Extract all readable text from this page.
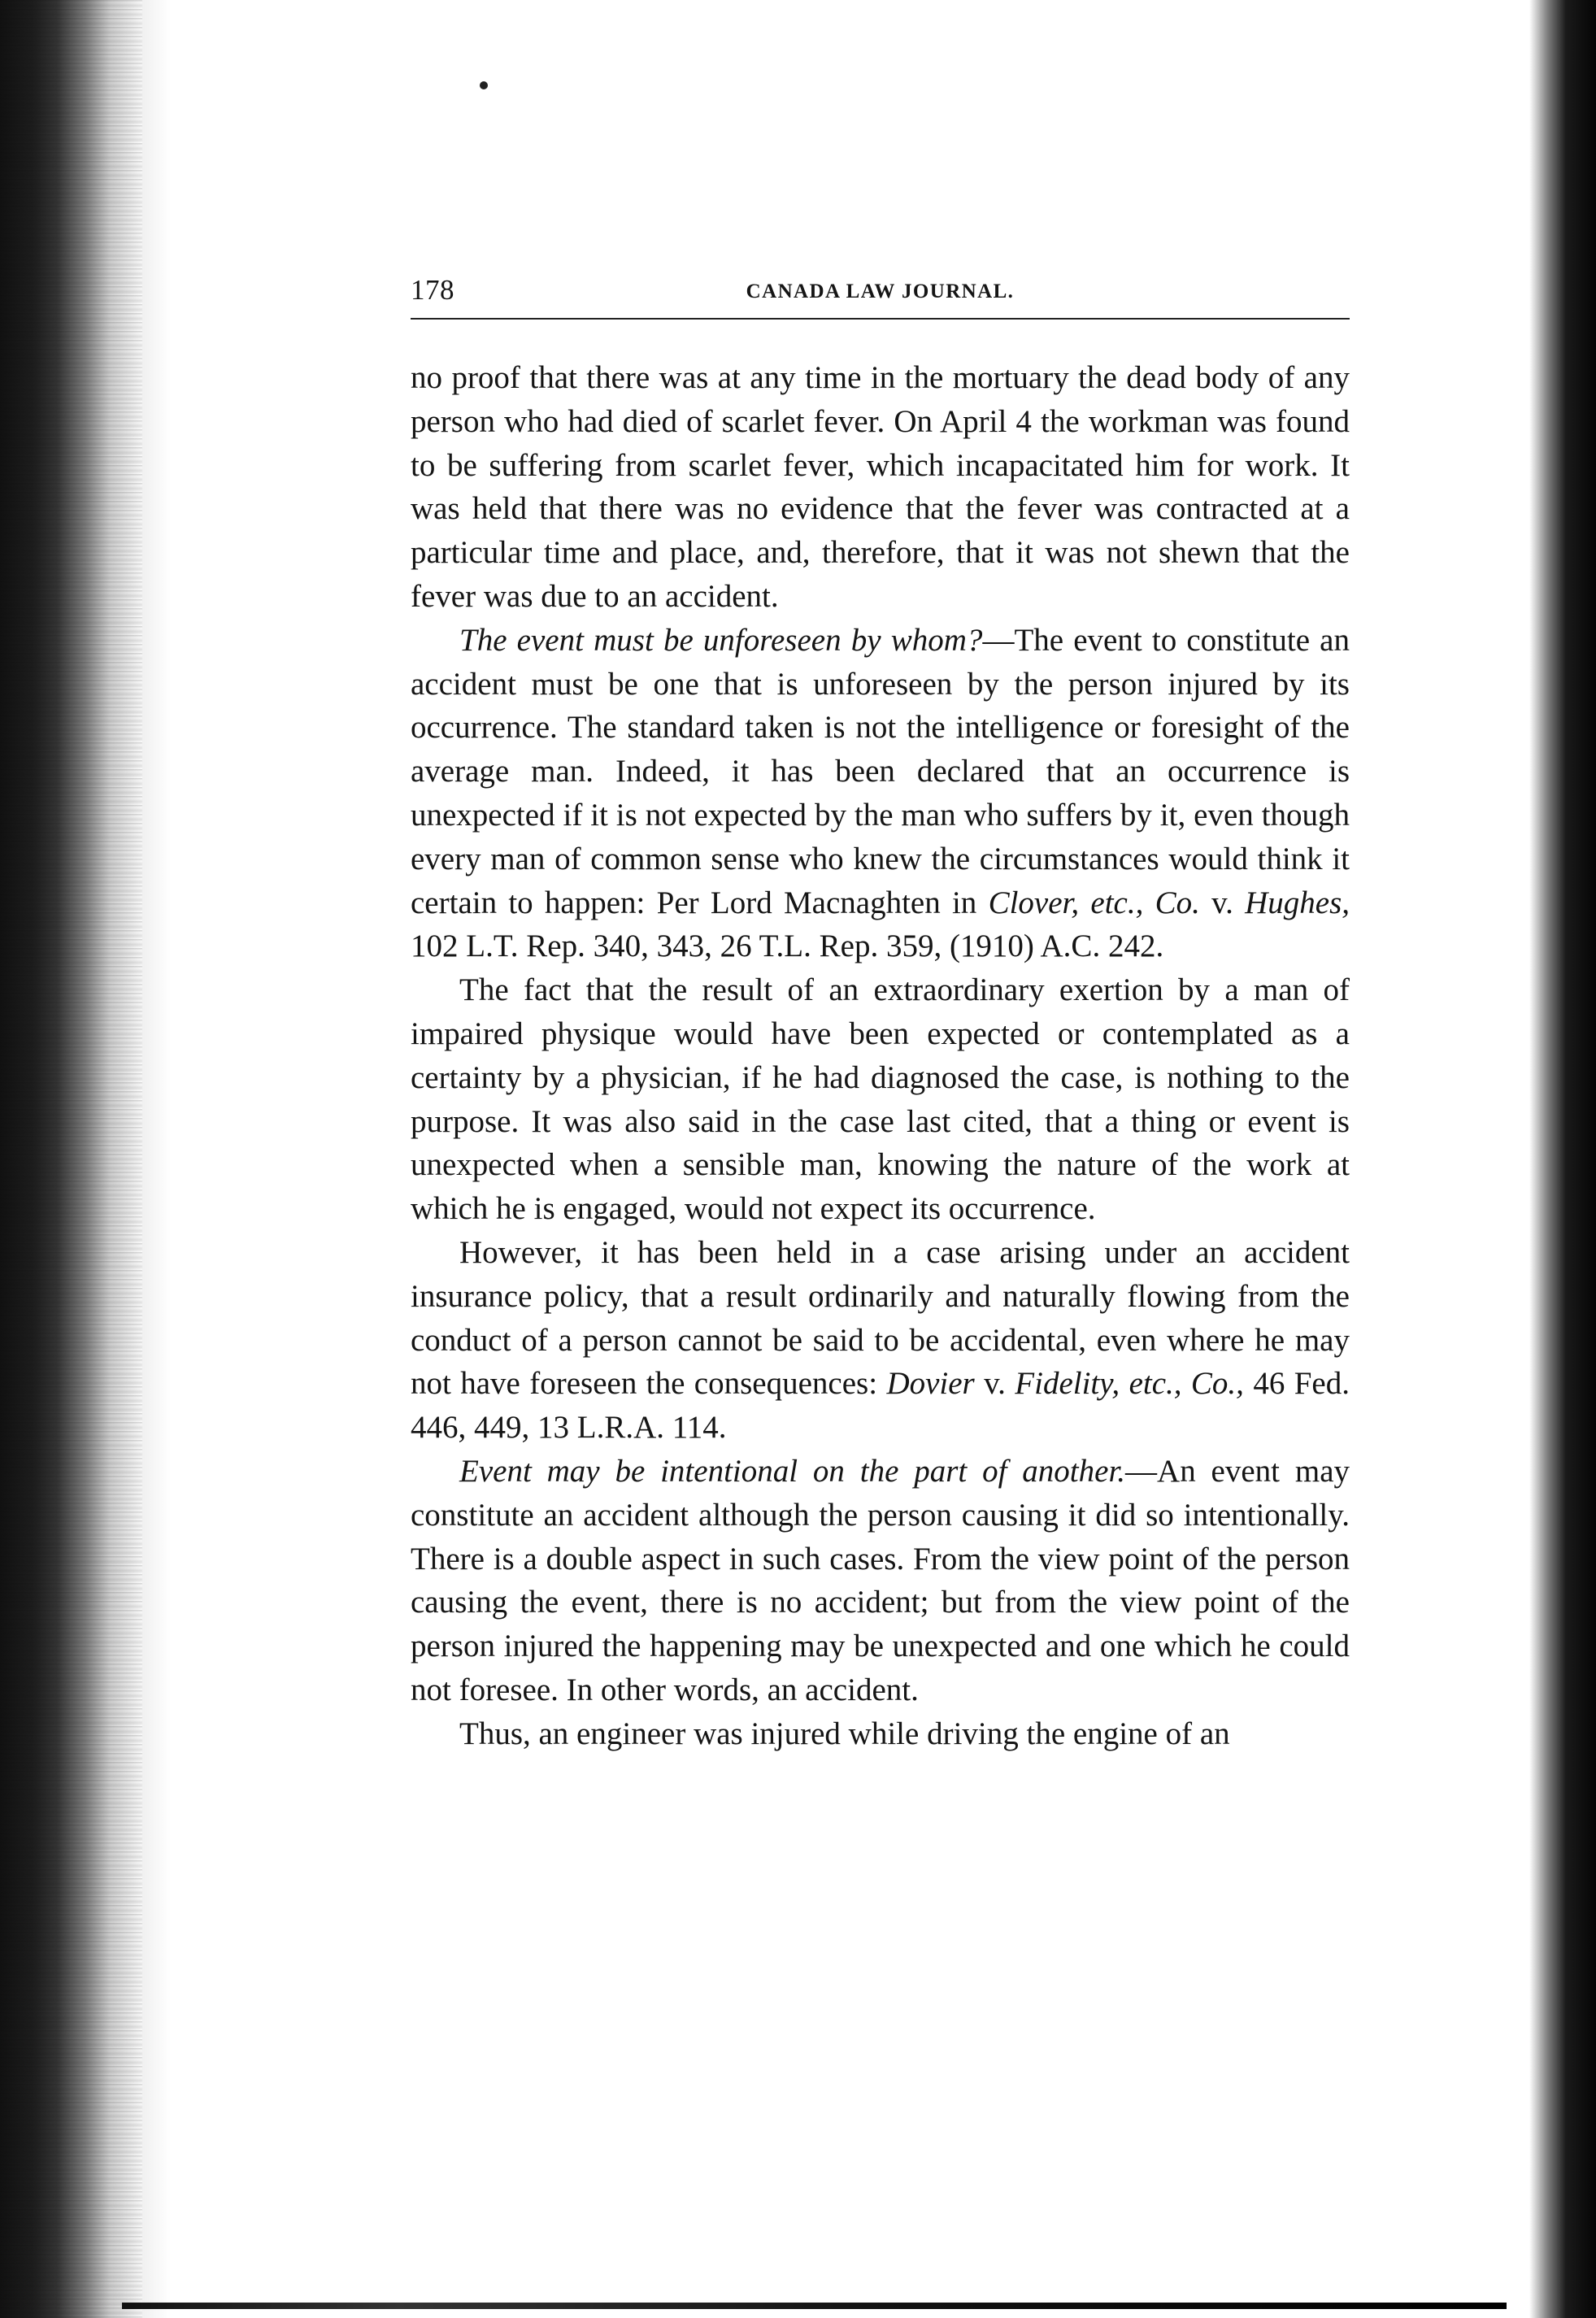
178	CANADA LAW JOURNAL.

no proof that there was at any time in the mortuary the dead body of any person who had died of scarlet fever. On April 4 the workman was found to be suffering from scarlet fever, which incapacitated him for work. It was held that there was no evidence that the fever was contracted at a particular time and place, and, therefore, that it was not shewn that the fever was due to an accident.

The event must be unforeseen by whom?—The event to constitute an accident must be one that is unforeseen by the person injured by its occurrence. The standard taken is not the intelligence or foresight of the average man. Indeed, it has been declared that an occurrence is unexpected if it is not expected by the man who suffers by it, even though every man of common sense who knew the circumstances would think it certain to happen: Per Lord Macnaghten in Clover, etc., Co. v. Hughes, 102 L.T. Rep. 340, 343, 26 T.L. Rep. 359, (1910) A.C. 242.

The fact that the result of an extraordinary exertion by a man of impaired physique would have been expected or contemplated as a certainty by a physician, if he had diagnosed the case, is nothing to the purpose. It was also said in the case last cited, that a thing or event is unexpected when a sensible man, knowing the nature of the work at which he is engaged, would not expect its occurrence.

However, it has been held in a case arising under an accident insurance policy, that a result ordinarily and naturally flowing from the conduct of a person cannot be said to be accidental, even where he may not have foreseen the consequences: Dovier v. Fidelity, etc., Co., 46 Fed. 446, 449, 13 L.R.A. 114.

Event may be intentional on the part of another.—An event may constitute an accident although the person causing it did so intentionally. There is a double aspect in such cases. From the view point of the person causing the event, there is no accident; but from the view point of the person injured the happening may be unexpected and one which he could not foresee. In other words, an accident.

Thus, an engineer was injured while driving the engine of an
